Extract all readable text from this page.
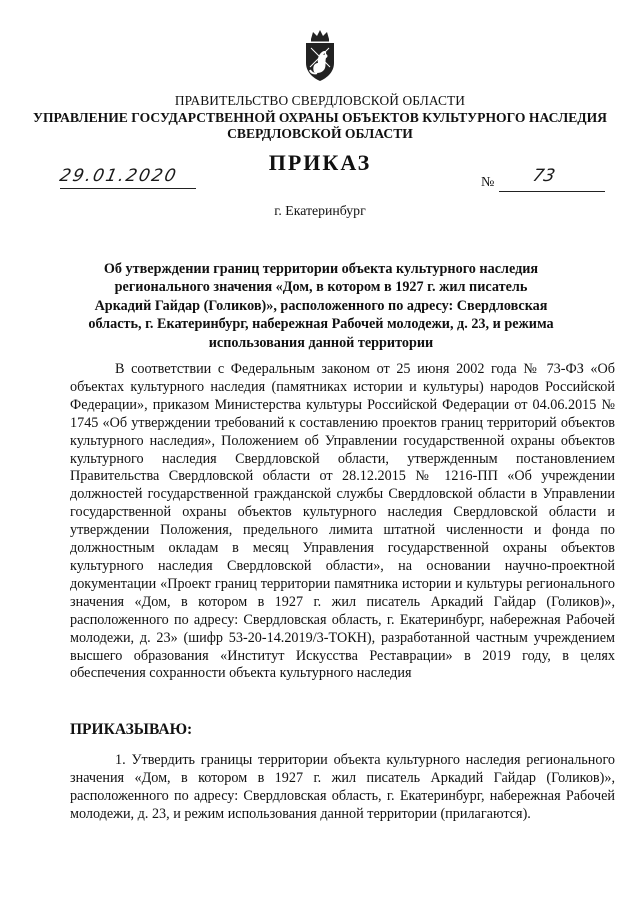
ПРАВИТЕЛЬСТВО СВЕРДЛОВСКОЙ ОБЛАСТИ
УПРАВЛЕНИЕ ГОСУДАРСТВЕННОЙ ОХРАНЫ ОБЪЕКТОВ КУЛЬТУРНОГО НАСЛЕДИЯ
СВЕРДЛОВСКОЙ ОБЛАСТИ
ПРИКАЗ
29.01.2020	№ 73
г. Екатеринбург
Об утверждении границ территории объекта культурного наследия регионального значения «Дом, в котором в 1927 г. жил писатель Аркадий Гайдар (Голиков)», расположенного по адресу: Свердловская область, г. Екатеринбург, набережная Рабочей молодежи, д. 23, и режима использования данной территории
В соответствии с Федеральным законом от 25 июня 2002 года № 73-ФЗ «Об объектах культурного наследия (памятниках истории и культуры) народов Российской Федерации», приказом Министерства культуры Российской Федерации от 04.06.2015 № 1745 «Об утверждении требований к составлению проектов границ территорий объектов культурного наследия», Положением об Управлении государственной охраны объектов культурного наследия Свердловской области, утвержденным постановлением Правительства Свердловской области от 28.12.2015 № 1216-ПП «Об учреждении должностей государственной гражданской службы Свердловской области в Управлении государственной охраны объектов культурного наследия Свердловской области и утверждении Положения, предельного лимита штатной численности и фонда по должностным окладам в месяц Управления государственной охраны объектов культурного наследия Свердловской области», на основании научно-проектной документации «Проект границ территории памятника истории и культуры регионального значения «Дом, в котором в 1927 г. жил писатель Аркадий Гайдар (Голиков)», расположенного по адресу: Свердловская область, г. Екатеринбург, набережная Рабочей молодежи, д. 23» (шифр 53-20-14.2019/3-ТОКН), разработанной частным учреждением высшего образования «Институт Искусства Реставрации» в 2019 году, в целях обеспечения сохранности объекта культурного наследия
ПРИКАЗЫВАЮ:
1. Утвердить границы территории объекта культурного наследия регионального значения «Дом, в котором в 1927 г. жил писатель Аркадий Гайдар (Голиков)», расположенного по адресу: Свердловская область, г. Екатеринбург, набережная Рабочей молодежи, д. 23, и режим использования данной территории (прилагаются).
